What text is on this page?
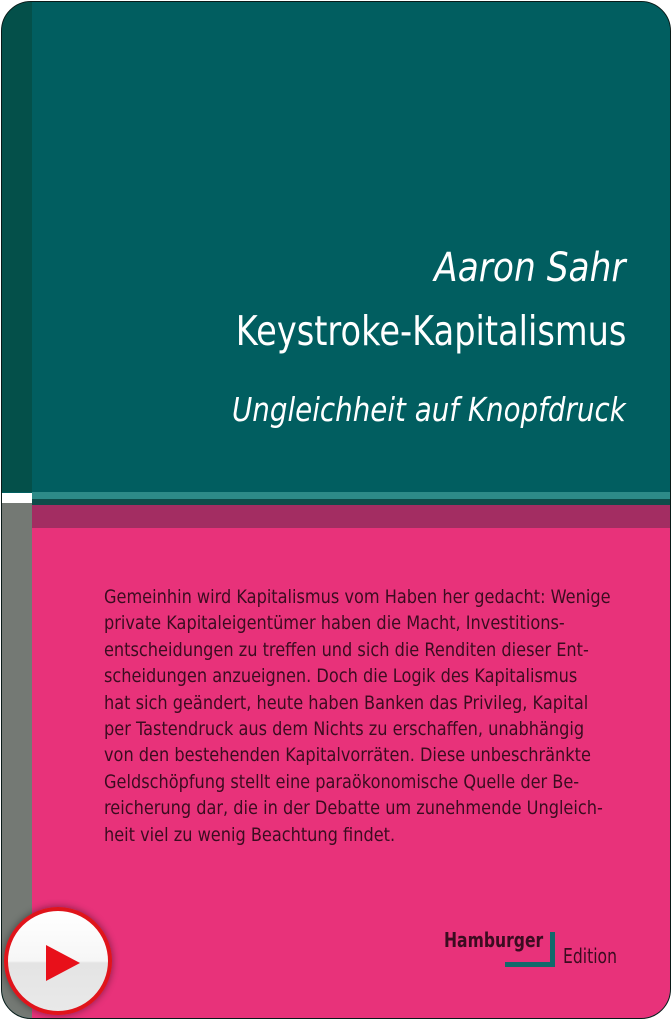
Aaron Sahr
Keystroke-Kapitalismus
Ungleichheit auf Knopfdruck
Gemeinhin wird Kapitalismus vom Haben her gedacht: Wenige
private Kapitaleigentümer haben die Macht, Investitions-
entscheidungen zu treffen und sich die Renditen dieser Ent-
scheidungen anzueignen. Doch die Logik des Kapitalismus
hat sich geändert, heute haben Banken das Privileg, Kapital
per Tastendruck aus dem Nichts zu erschaffen, unabhängig
von den bestehenden Kapitalvorräten. Diese unbeschränkte
Geldschöpfung stellt eine paraökonomische Quelle der Be-
reicherung dar, die in der Debatte um zunehmende Ungleich-
heit viel zu wenig Beachtung findet.
Hamburger
Edition
